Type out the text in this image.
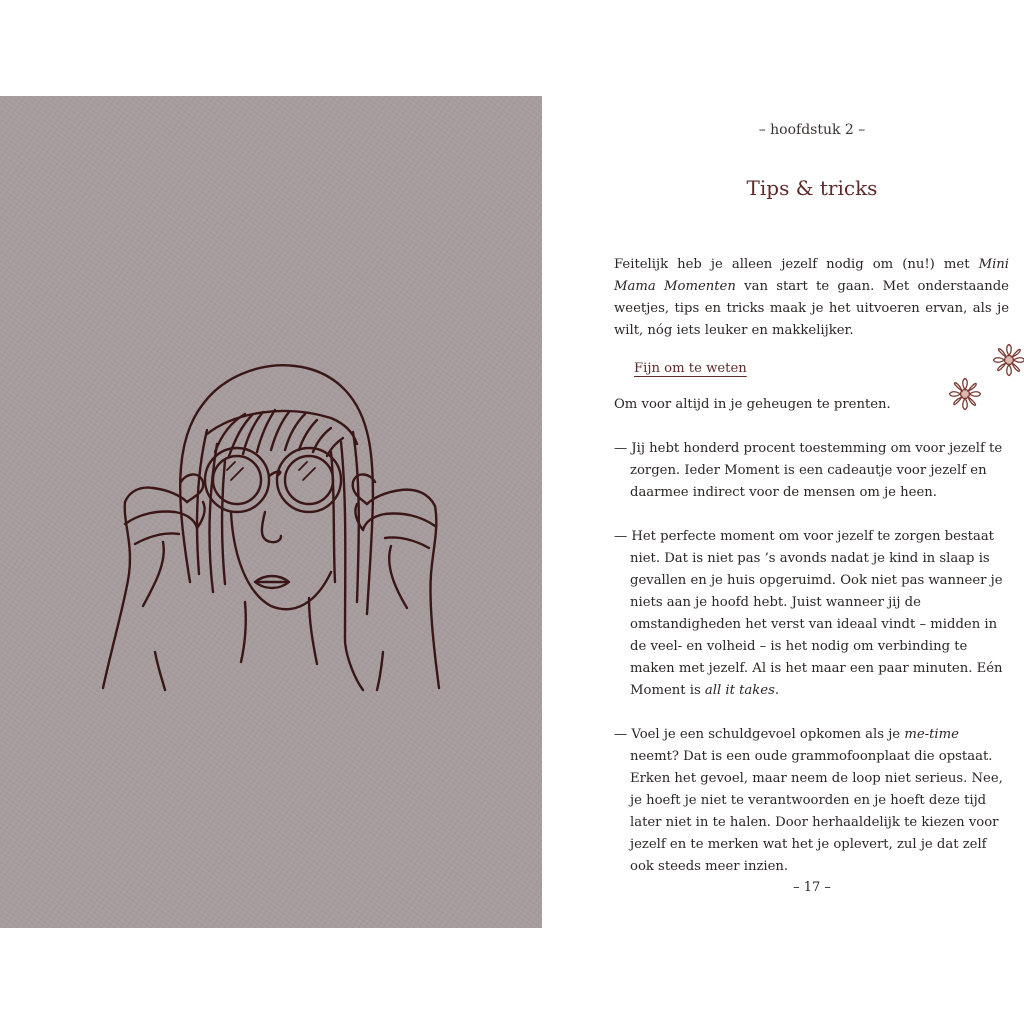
– hoofdstuk 2 –
Tips & tricks

Feitelijk heb je alleen jezelf nodig om (nu!) met Mini Mama Momenten van start te gaan. Met onderstaande weetjes, tips en tricks maak je het uitvoeren ervan, als je wilt, nóg iets leuker en makkelijker.

Fijn om te weten

Om voor altijd in je geheugen te prenten.

— Jij hebt honderd procent toestemming om voor jezelf te zorgen. Ieder Moment is een cadeautje voor jezelf en daarmee indirect voor de mensen om je heen.

— Het perfecte moment om voor jezelf te zorgen bestaat niet. Dat is niet pas ’s avonds nadat je kind in slaap is gevallen en je huis opgeruimd. Ook niet pas wanneer je niets aan je hoofd hebt. Juist wanneer jij de omstandigheden het verst van ideaal vindt – midden in de veel- en volheid – is het nodig om verbinding te maken met jezelf. Al is het maar een paar minuten. Eén Moment is all it takes.

— Voel je een schuldgevoel opkomen als je me-time neemt? Dat is een oude grammofoonplaat die opstaat. Erken het gevoel, maar neem de loop niet serieus. Nee, je hoeft je niet te verantwoorden en je hoeft deze tijd later niet in te halen. Door herhaaldelijk te kiezen voor jezelf en te merken wat het je oplevert, zul je dat zelf ook steeds meer inzien.

– 17 –
